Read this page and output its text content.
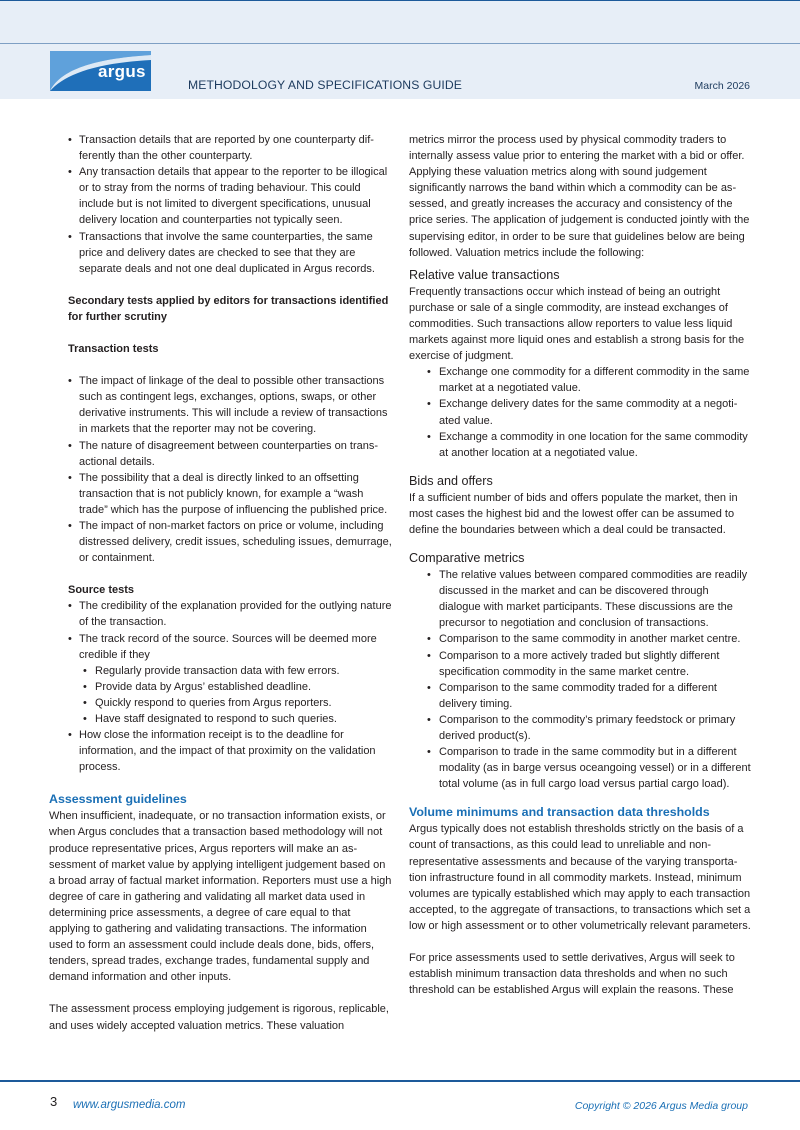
argus
METHODOLOGY AND SPECIFICATIONS GUIDE	March 2026
• Transaction details that are reported by one counterparty differently than the other counterparty.
• Any transaction details that appear to the reporter to be illogical or to stray from the norms of trading behaviour. This could include but is not limited to divergent specifications, unusual delivery location and counterparties not typically seen.
• Transactions that involve the same counterparties, the same price and delivery dates are checked to see that they are separate deals and not one deal duplicated in Argus records.

Secondary tests applied by editors for transactions identified for further scrutiny

Transaction tests

• The impact of linkage of the deal to possible other transactions such as contingent legs, exchanges, options, swaps, or other derivative instruments. This will include a review of transactions in markets that the reporter may not be covering.
• The nature of disagreement between counterparties on transactional details.
• The possibility that a deal is directly linked to an offsetting transaction that is not publicly known, for example a “wash trade” which has the purpose of influencing the published price.
• The impact of non-market factors on price or volume, including distressed delivery, credit issues, scheduling issues, demurrage, or containment.

Source tests

• The credibility of the explanation provided for the outlying nature of the transaction.
• The track record of the source. Sources will be deemed more credible if they
• Regularly provide transaction data with few errors.
• Provide data by Argus’ established deadline.
• Quickly respond to queries from Argus reporters.
• Have staff designated to respond to such queries.
• How close the information receipt is to the deadline for information, and the impact of that proximity on the validation process.

Assessment guidelines

When insufficient, inadequate, or no transaction information exists, or when Argus concludes that a transaction based methodology will not produce representative prices, Argus reporters will make an assessment of market value by applying intelligent judgement based on a broad array of factual market information. Reporters must use a high degree of care in gathering and validating all market data used in determining price assessments, a degree of care equal to that applying to gathering and validating transactions. The information used to form an assessment could include deals done, bids, offers, tenders, spread trades, exchange trades, fundamental supply and demand information and other inputs.

The assessment process employing judgement is rigorous, replicable, and uses widely accepted valuation metrics. These valuation

metrics mirror the process used by physical commodity traders to internally assess value prior to entering the market with a bid or offer. Applying these valuation metrics along with sound judgement significantly narrows the band within which a commodity can be assessed, and greatly increases the accuracy and consistency of the price series. The application of judgement is conducted jointly with the supervising editor, in order to be sure that guidelines below are being followed. Valuation metrics include the following:

Relative value transactions

Frequently transactions occur which instead of being an outright purchase or sale of a single commodity, are instead exchanges of commodities. Such transactions allow reporters to value less liquid markets against more liquid ones and establish a strong basis for the exercise of judgment.

• Exchange one commodity for a different commodity in the same market at a negotiated value.
• Exchange delivery dates for the same commodity at a negotiated value.
• Exchange a commodity in one location for the same commodity at another location at a negotiated value.

Bids and offers

If a sufficient number of bids and offers populate the market, then in most cases the highest bid and the lowest offer can be assumed to define the boundaries between which a deal could be transacted.

Comparative metrics

• The relative values between compared commodities are readily discussed in the market and can be discovered through dialogue with market participants. These discussions are the precursor to negotiation and conclusion of transactions.
• Comparison to the same commodity in another market centre.
• Comparison to a more actively traded but slightly different specification commodity in the same market centre.
• Comparison to the same commodity traded for a different delivery timing.
• Comparison to the commodity’s primary feedstock or primary derived product(s).
• Comparison to trade in the same commodity but in a different modality (as in barge versus oceangoing vessel) or in a different total volume (as in full cargo load versus partial cargo load).

Volume minimums and transaction data thresholds

Argus typically does not establish thresholds strictly on the basis of a count of transactions, as this could lead to unreliable and non-representative assessments and because of the varying transportation infrastructure found in all commodity markets. Instead, minimum volumes are typically established which may apply to each transaction accepted, to the aggregate of transactions, to transactions which set a low or high assessment or to other volumetrically relevant parameters.

For price assessments used to settle derivatives, Argus will seek to establish minimum transaction data thresholds and when no such threshold can be established Argus will explain the reasons. These

3 www.argusmedia.com	Copyright © 2026 Argus Media group
